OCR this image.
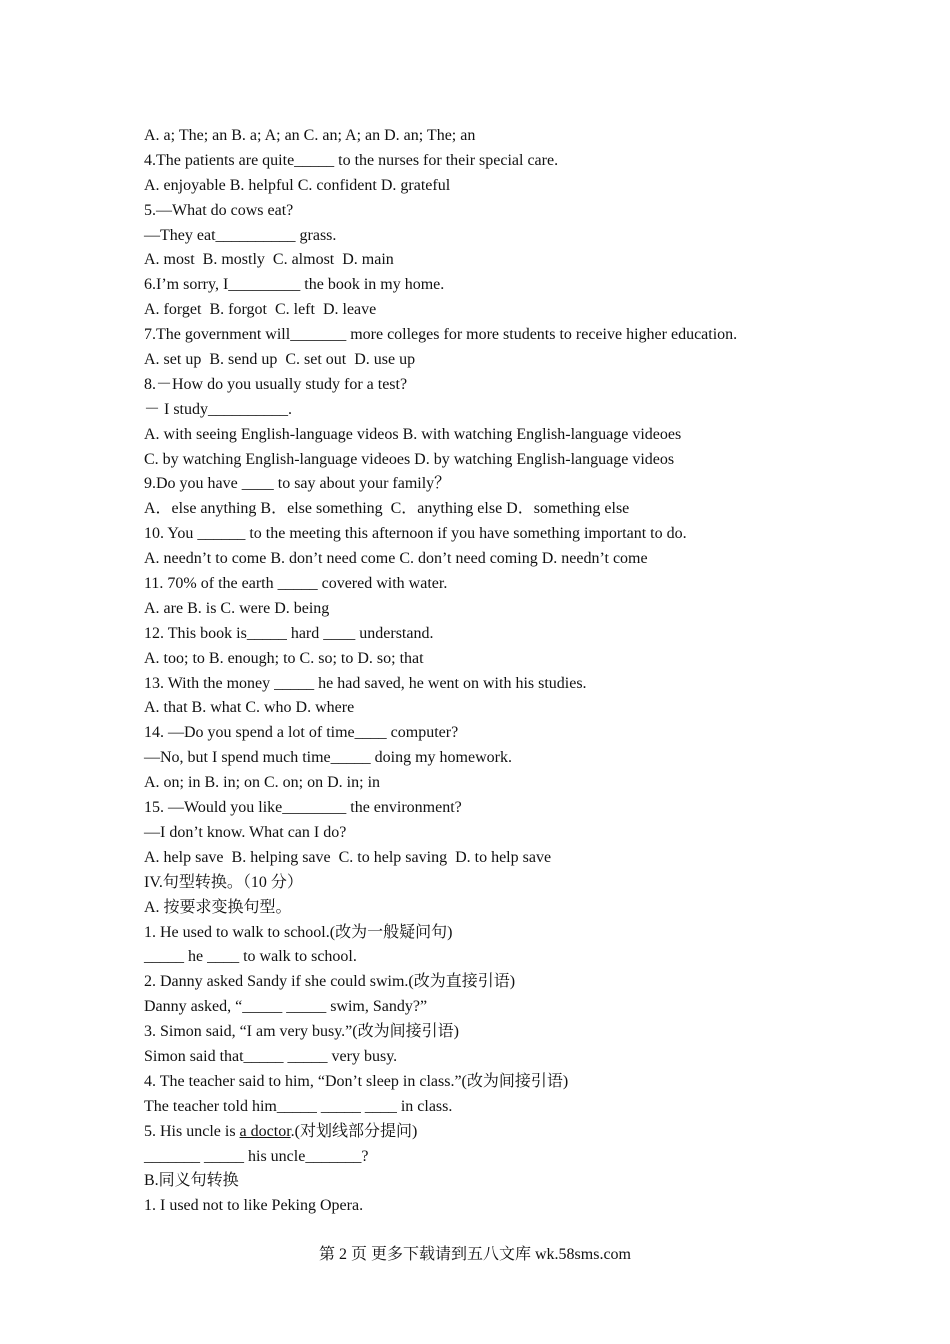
A. a; The; an B. a; A; an C. an; A; an D. an; The; an
4.The patients are quite_____ to the nurses for their special care.
A. enjoyable B. helpful C. confident D. grateful
5.—What do cows eat?
—They eat__________ grass.
A. most  B. mostly  C. almost  D. main
6.I’m sorry, I_________ the book in my home.
A. forget  B. forgot  C. left  D. leave
7.The government will_______ more colleges for more students to receive higher education.
A. set up  B. send up  C. set out  D. use up
8.－How do you usually study for a test?
－ I study__________.
A. with seeing English-language videos B. with watching English-language videoes
C. by watching English-language videoes D. by watching English-language videos
9.Do you have ____ to say about your family？
A．else anything B．else something  C．anything else D．something else
10. You ______ to the meeting this afternoon if you have something important to do.
A. needn’t to come B. don’t need come C. don’t need coming D. needn’t come
11. 70% of the earth _____ covered with water.
A. are B. is C. were D. being
12. This book is_____ hard ____ understand.
A. too; to B. enough; to C. so; to D. so; that
13. With the money _____ he had saved, he went on with his studies.
A. that B. what C. who D. where
14. —Do you spend a lot of time____ computer?
—No, but I spend much time_____ doing my homework.
A. on; in B. in; on C. on; on D. in; in
15. —Would you like________ the environment?
—I don’t know. What can I do?
A. help save  B. helping save  C. to help saving  D. to help save
IV.句型转换。（10 分）
A. 按要求变换句型。
1. He used to walk to school.(改为一般疑问句)
_____ he ____ to walk to school.
2. Danny asked Sandy if she could swim.(改为直接引语)
Danny asked, “_____ _____ swim, Sandy?”
3. Simon said, “I am very busy.”(改为间接引语)
Simon said that_____ _____ very busy.
4. The teacher said to him, “Don’t sleep in class.”(改为间接引语)
The teacher told him_____ _____ ____ in class.
5. His uncle is a doctor.(对划线部分提问)
_______ _____ his uncle_______?
B.同义句转换
1. I used not to like Peking Opera.
第 2 页 更多下载请到五八文库 wk.58sms.com
